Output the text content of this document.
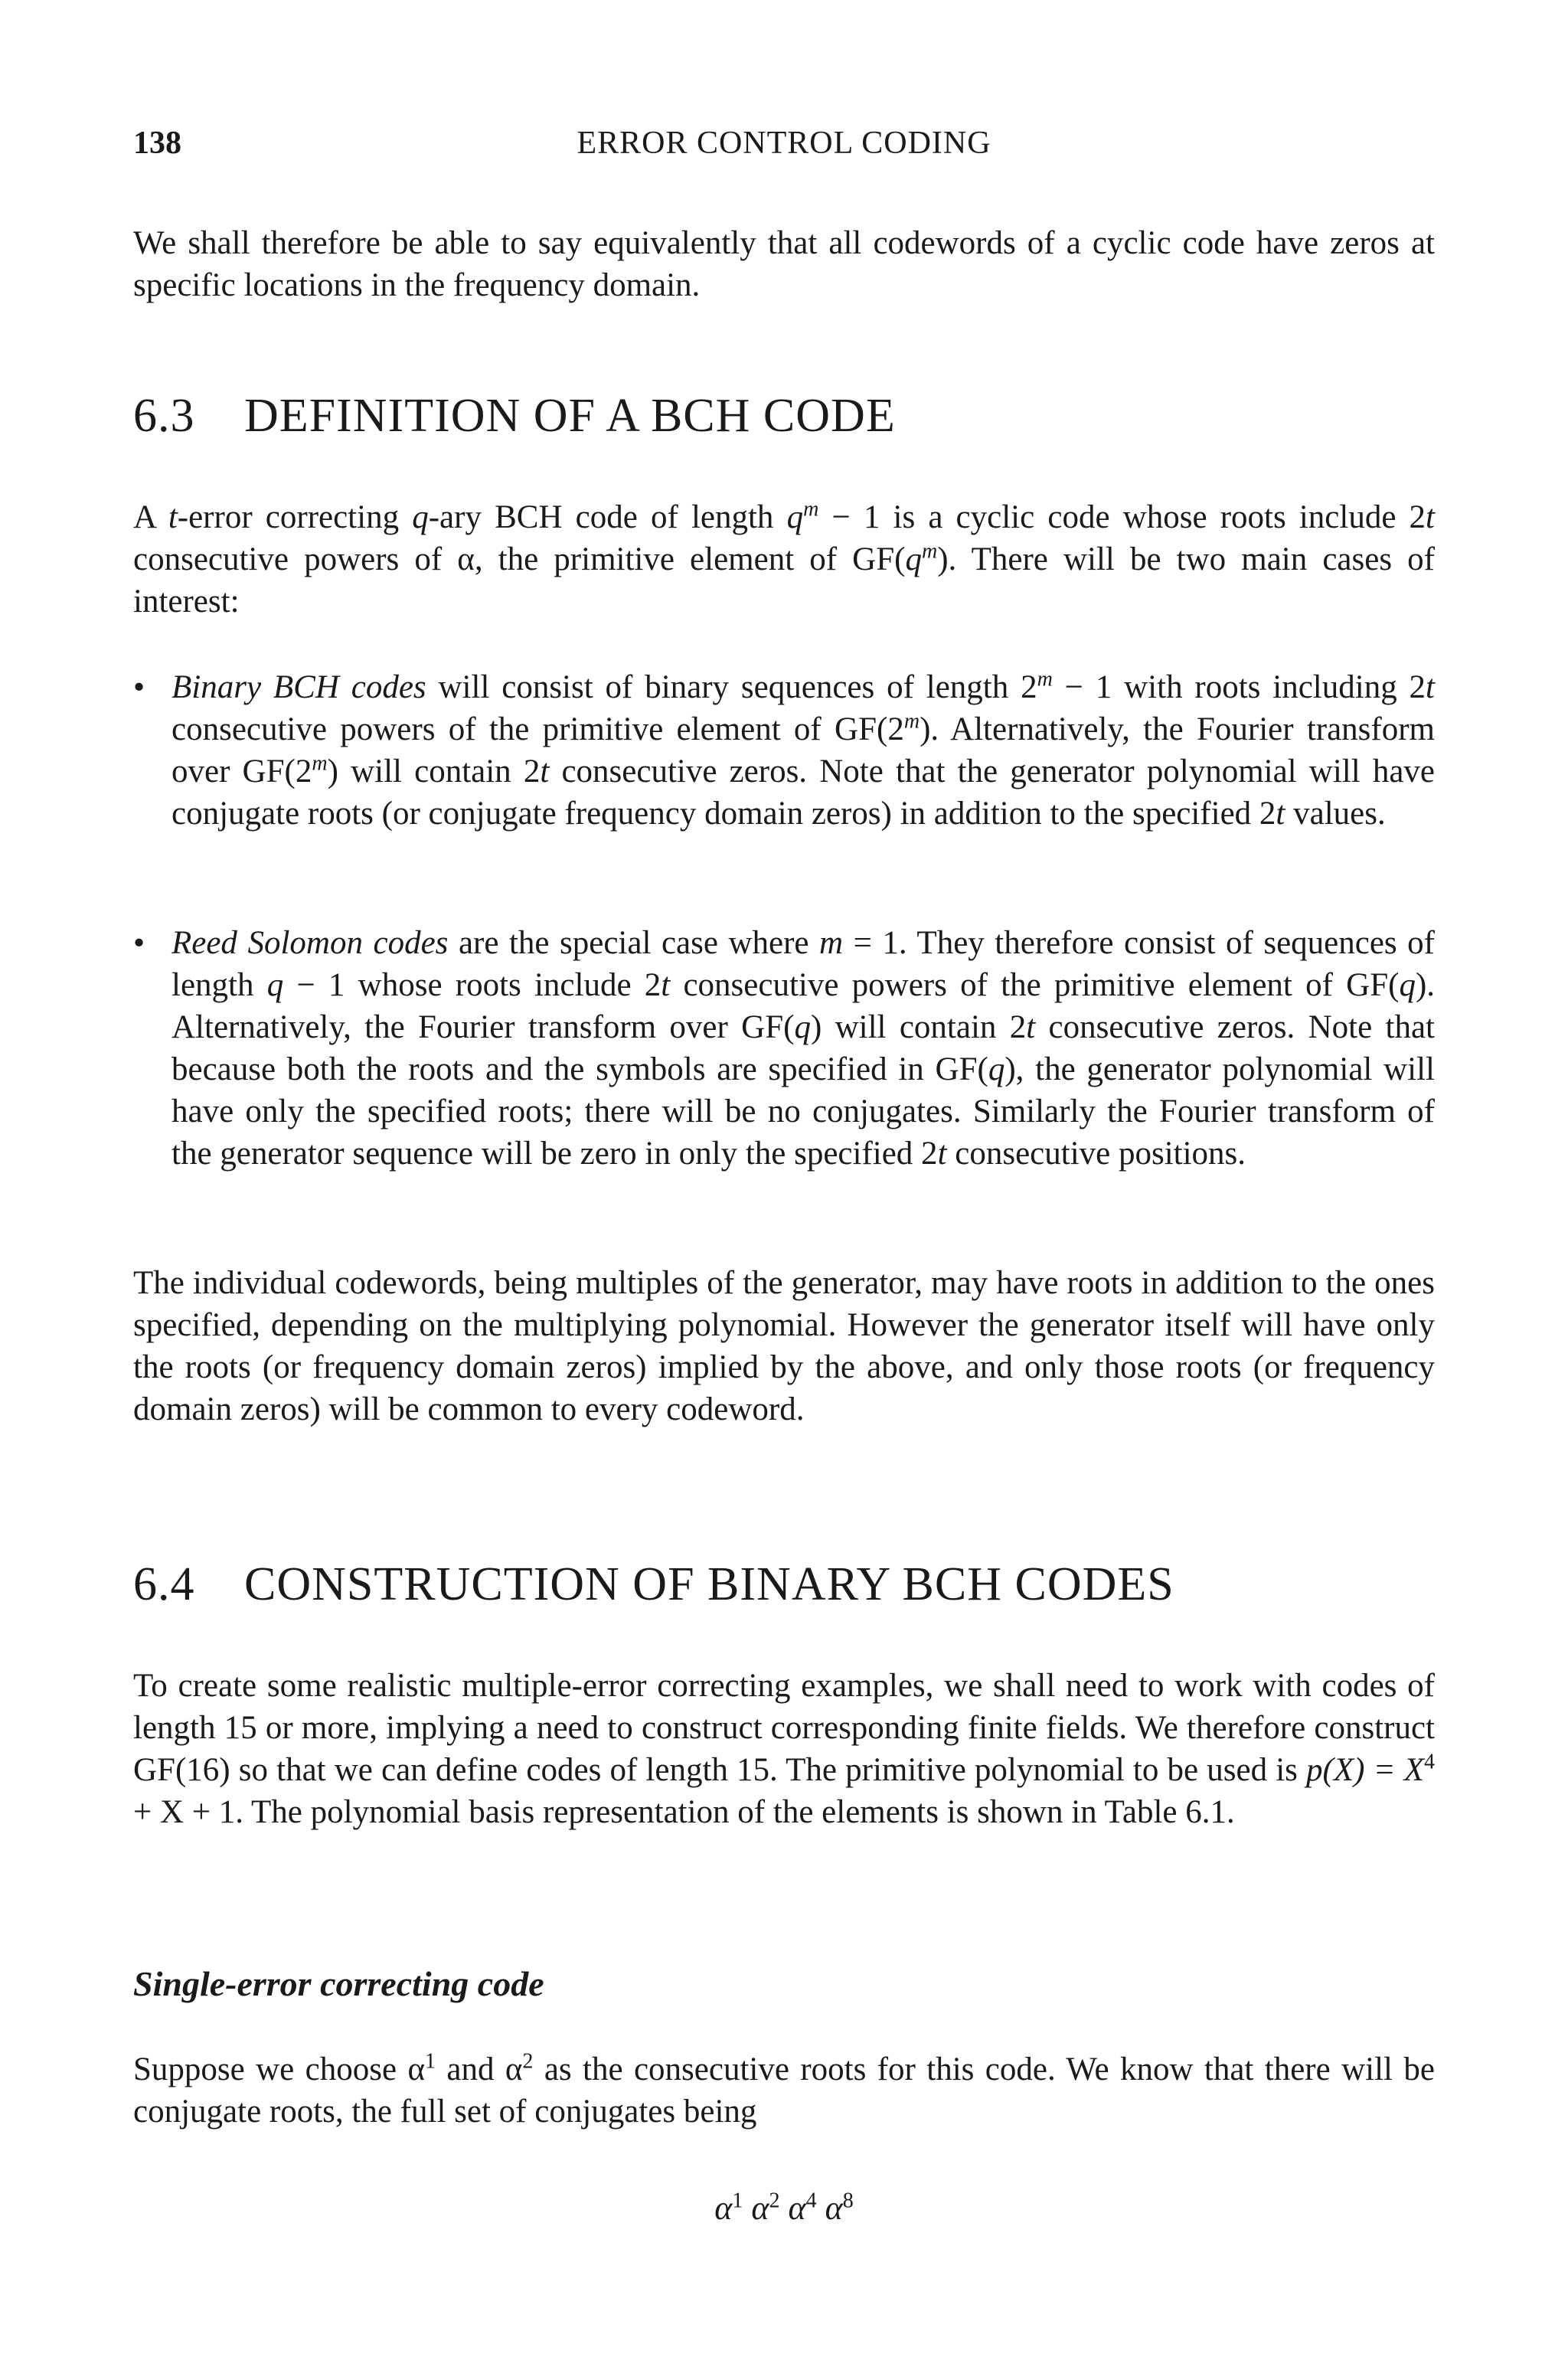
138	ERROR CONTROL CODING
We shall therefore be able to say equivalently that all codewords of a cyclic code have zeros at specific locations in the frequency domain.
6.3 DEFINITION OF A BCH CODE
A t-error correcting q-ary BCH code of length $q^m - 1$ is a cyclic code whose roots include 2t consecutive powers of α, the primitive element of $GF(q^m)$. There will be two main cases of interest:
• Binary BCH codes will consist of binary sequences of length $2^m - 1$ with roots including 2t consecutive powers of the primitive element of GF(2$^m$). Alternatively, the Fourier transform over GF(2$^m$) will contain 2t consecutive zeros. Note that the generator polynomial will have conjugate roots (or conjugate frequency domain zeros) in addition to the specified 2t values.
• Reed Solomon codes are the special case where m = 1. They therefore consist of sequences of length q − 1 whose roots include 2t consecutive powers of the primitive element of GF(q). Alternatively, the Fourier transform over GF(q) will contain 2t consecutive zeros. Note that because both the roots and the symbols are specified in GF(q), the generator polynomial will have only the specified roots; there will be no conjugates. Similarly the Fourier transform of the generator sequence will be zero in only the specified 2t consecutive positions.
The individual codewords, being multiples of the generator, may have roots in addition to the ones specified, depending on the multiplying polynomial. However the generator itself will have only the roots (or frequency domain zeros) implied by the above, and only those roots (or frequency domain zeros) will be common to every codeword.
6.4 CONSTRUCTION OF BINARY BCH CODES
To create some realistic multiple-error correcting examples, we shall need to work with codes of length 15 or more, implying a need to construct corresponding finite fields. We therefore construct GF(16) so that we can define codes of length 15. The primitive polynomial to be used is $p(X) = X^4 + X + 1$. The polynomial basis representation of the elements is shown in Table 6.1.
Single-error correcting code
Suppose we choose $\alpha^1$ and $\alpha^2$ as the consecutive roots for this code. We know that there will be conjugate roots, the full set of conjugates being
$\alpha^1$ $\alpha^2$ $\alpha^4$ $\alpha^8$
